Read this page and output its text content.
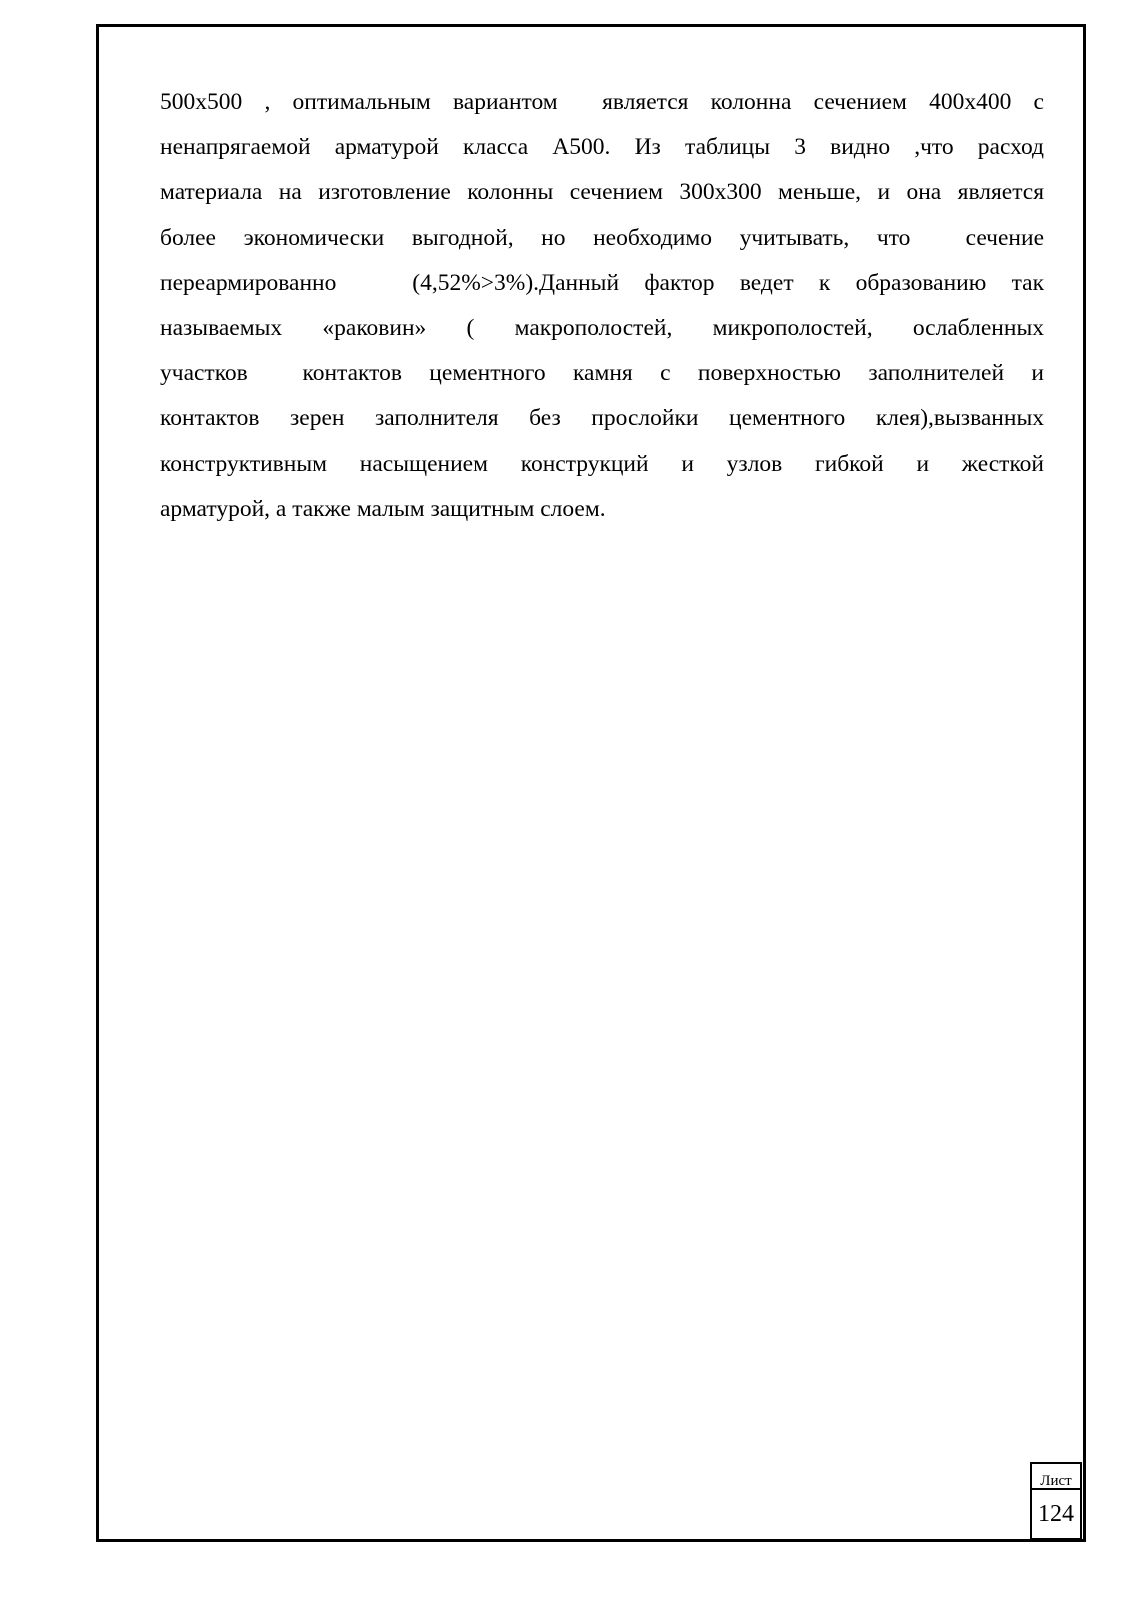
500х500 , оптимальным вариантом  является колонна сечением 400х400 с
ненапрягаемой арматурой класса А500. Из таблицы 3 видно ,что расход
материала на изготовление колонны сечением 300х300 меньше, и она является
более экономически выгодной, но необходимо учитывать, что  сечение
переармированно   (4,52%>3%).Данный фактор ведет к образованию так
называемых «раковин» ( макрополостей, микрополостей, ослабленных
участков  контактов цементного камня с поверхностью заполнителей и
контактов зерен заполнителя без прослойки цементного клея),вызванных
конструктивным насыщением конструкций и узлов гибкой и жесткой
арматурой, а также малым защитным слоем.
Лист
124
